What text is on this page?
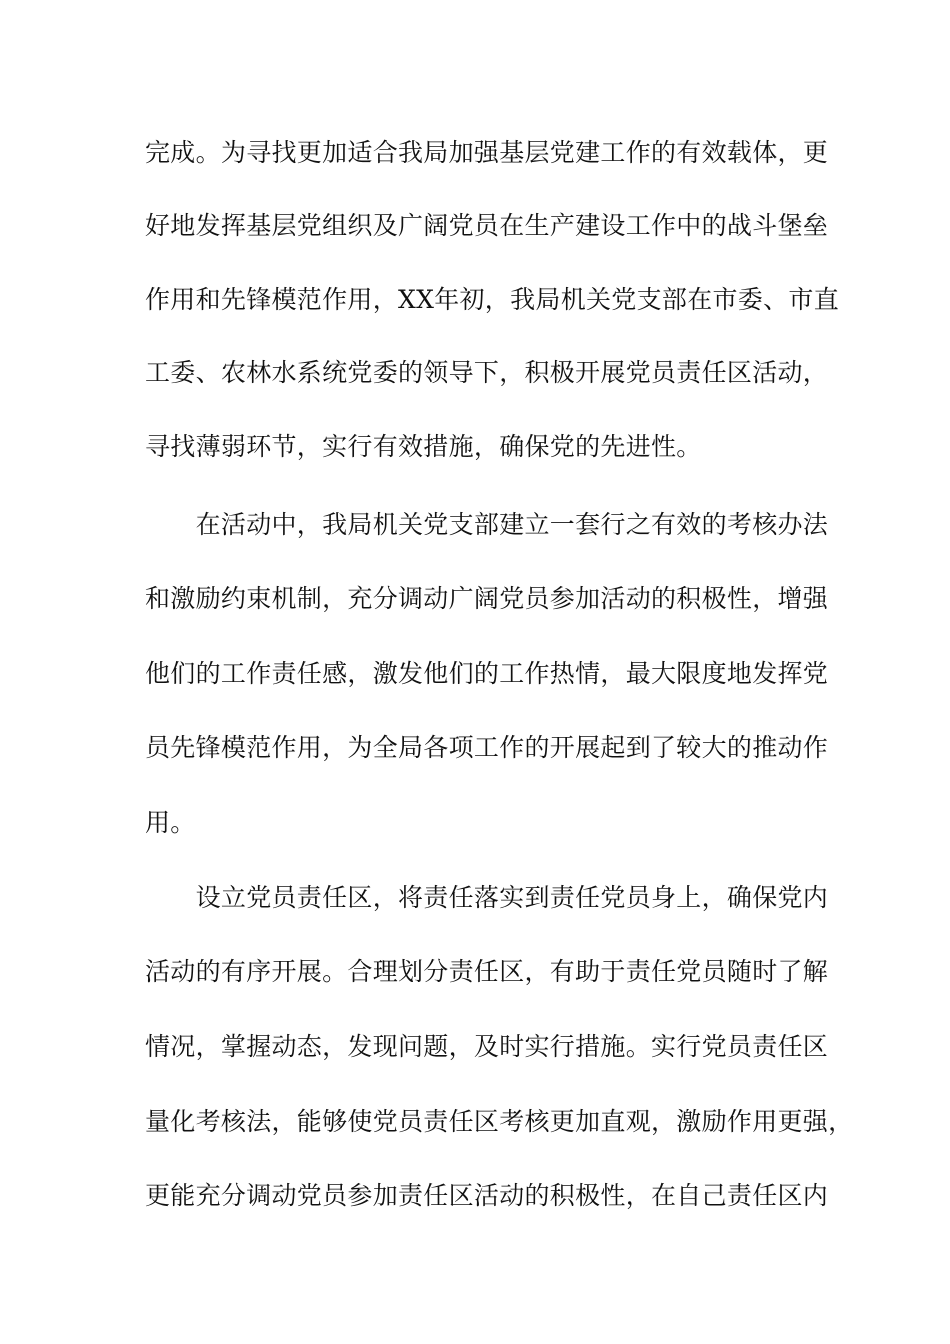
完成。为寻找更加适合我局加强基层党建工作的有效载体，更
好地发挥基层党组织及广阔党员在生产建设工作中的战斗堡垒
作用和先锋模范作用，XX年初，我局机关党支部在市委、市直
工委、农林水系统党委的领导下，积极开展党员责任区活动，
寻找薄弱环节，实行有效措施，确保党的先进性。
　　在活动中，我局机关党支部建立一套行之有效的考核办法
和激励约束机制，充分调动广阔党员参加活动的积极性，增强
他们的工作责任感，激发他们的工作热情，最大限度地发挥党
员先锋模范作用，为全局各项工作的开展起到了较大的推动作
用。
　　设立党员责任区，将责任落实到责任党员身上，确保党内
活动的有序开展。合理划分责任区，有助于责任党员随时了解
情况，掌握动态，发现问题，及时实行措施。实行党员责任区
量化考核法，能够使党员责任区考核更加直观，激励作用更强，
更能充分调动党员参加责任区活动的积极性，在自己责任区内
